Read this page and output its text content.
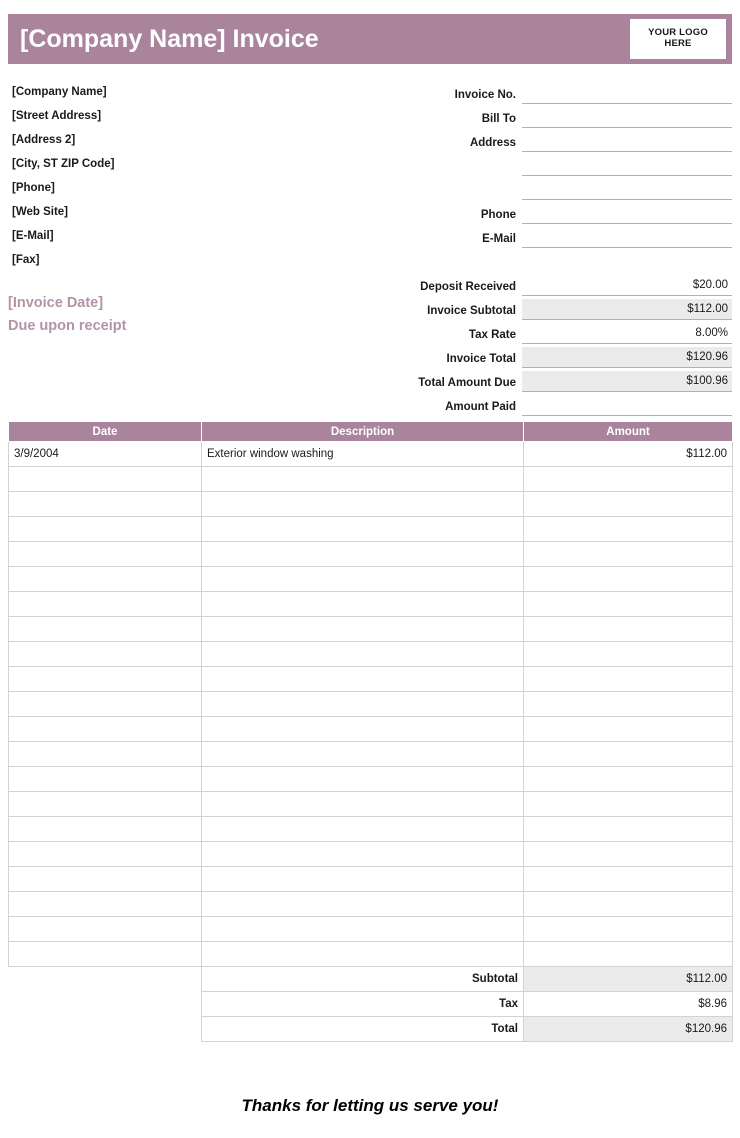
[Company Name] Invoice	YOUR LOGO
HERE
[Company Name]
[Street Address]
[Address 2]
[City, ST ZIP Code]
[Phone]
[Web Site]
[E-Mail]
[Fax]
[Invoice Date]
Due upon receipt
Invoice No.
Bill To
Address
Phone
E-Mail
Deposit Received	$20.00
Invoice Subtotal	$112.00
Tax Rate	8.00%
Invoice Total	$120.96
Total Amount Due	$100.96
Amount Paid
Date	Description	Amount
3/9/2004	Exterior window washing	$112.00

	Subtotal	$112.00
	Tax	$8.96
	Total	$120.96
Thanks for letting us serve you!
